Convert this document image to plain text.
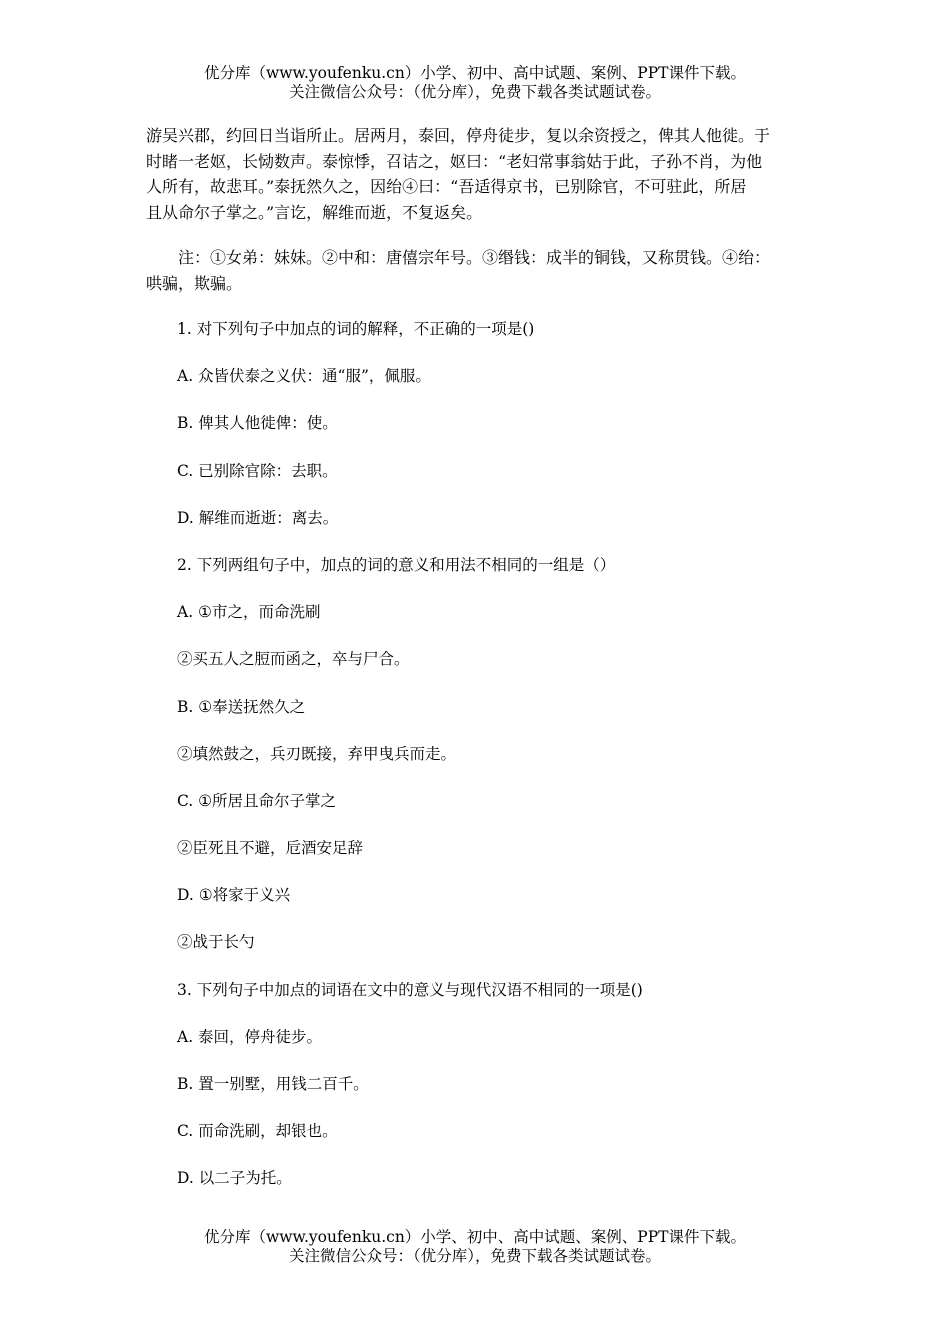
优分库（www.youfenku.cn）小学、初中、高中试题、案例、PPT课件下载。
关注微信公众号：（优分库），免费下载各类试题试卷。
游吴兴郡，约回日当诣所止。居两月，泰回，停舟徒步，复以余资授之，俾其人他徙。于
时睹一老妪，长恸数声。泰惊悸，召诘之，妪曰：“老妇常事翁姑于此，子孙不肖，为他
人所有，故悲耳。”泰抚然久之，因绐④曰：“吾适得京书，已别除官，不可驻此，所居
且从命尔子掌之。”言讫，解维而逝，不复返矣。
注：①女弟：妹妹。②中和：唐僖宗年号。③缗钱：成半的铜钱，又称贯钱。④绐：
哄骗，欺骗。
1. 对下列句子中加点的词的解释，不正确的一项是()
A. 众皆伏泰之义伏：通“服”，佩服。
B. 俾其人他徙俾：使。
C. 已别除官除：去职。
D. 解维而逝逝：离去。
2. 下列两组句子中，加点的词的意义和用法不相同的一组是（）
A. ①市之，而命洗刷
②买五人之脰而函之，卒与尸合。
B. ①奉送抚然久之
②填然鼓之，兵刃既接，弃甲曳兵而走。
C. ①所居且命尔子掌之
②臣死且不避，卮酒安足辞
D. ①将家于义兴
②战于长勺
3. 下列句子中加点的词语在文中的意义与现代汉语不相同的一项是()
A. 泰回，停舟徒步。
B. 置一别墅，用钱二百千。
C. 而命洗刷，却银也。
D. 以二子为托。
优分库（www.youfenku.cn）小学、初中、高中试题、案例、PPT课件下载。
关注微信公众号：（优分库），免费下载各类试题试卷。
